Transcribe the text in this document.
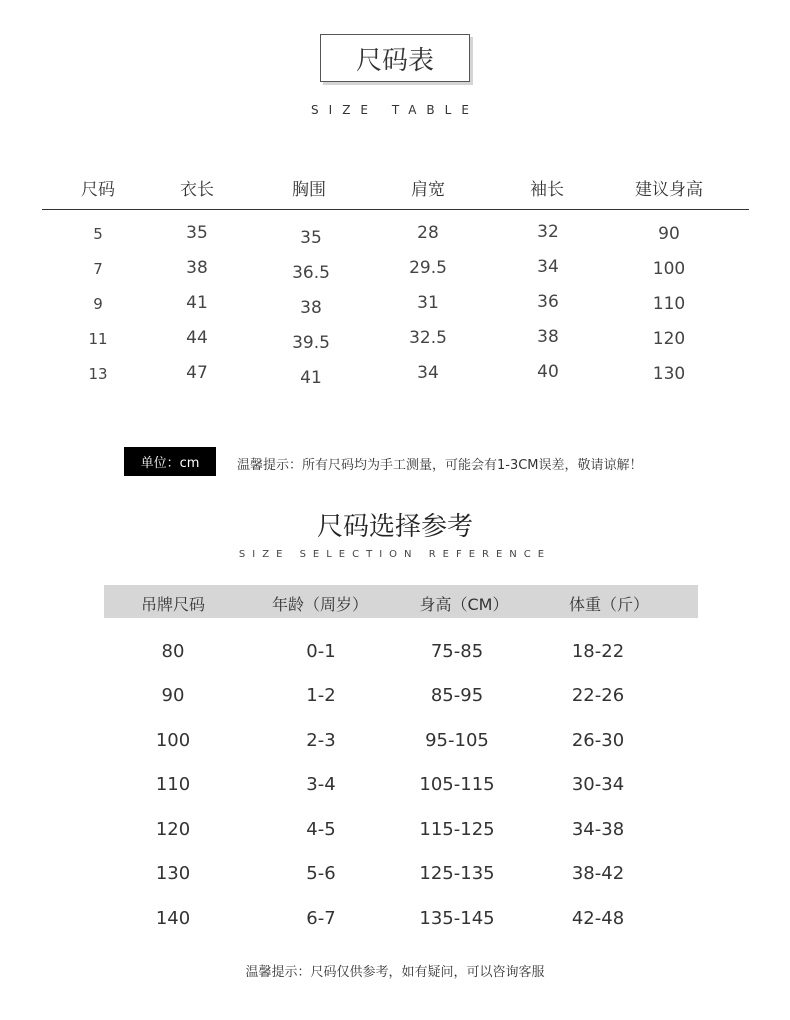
尺码表
SIZE TABLE
尺码	衣长	胸围	肩宽	袖长	建议身高
5	35	35	28	32	90
7	38	36.5	29.5	34	100
9	41	38	31	36	110
11	44	39.5	32.5	38	120
13	47	41	34	40	130
单位：cm	温馨提示：所有尺码均为手工测量，可能会有1-3CM误差，敬请谅解！
尺码选择参考
SIZE SELECTION REFERENCE
吊牌尺码	年龄（周岁）	身高（CM）	体重（斤）
80	0-1	75-85	18-22
90	1-2	85-95	22-26
100	2-3	95-105	26-30
110	3-4	105-115	30-34
120	4-5	115-125	34-38
130	5-6	125-135	38-42
140	6-7	135-145	42-48
温馨提示：尺码仅供参考，如有疑问，可以咨询客服
